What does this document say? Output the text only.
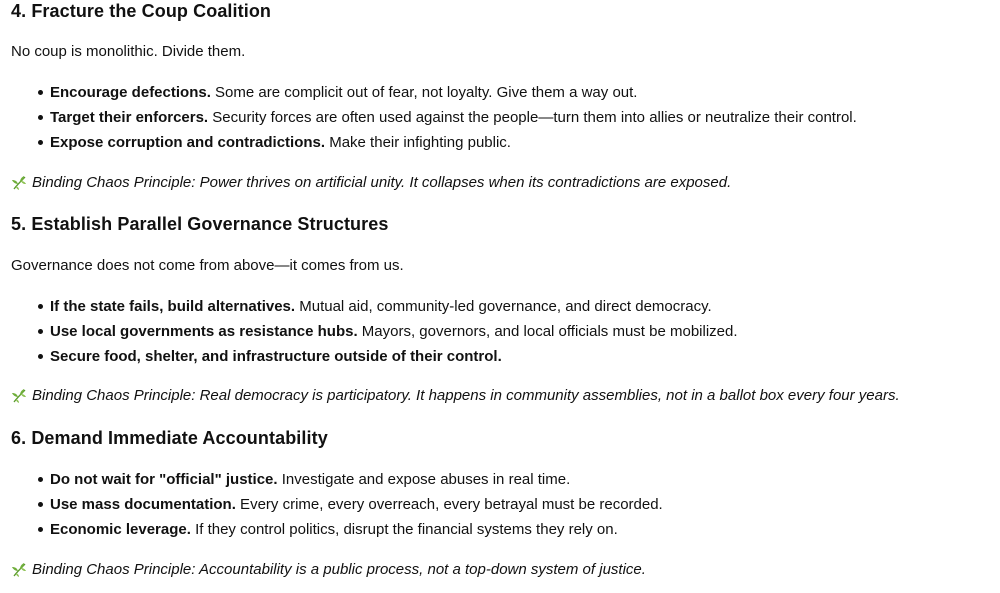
4. Fracture the Coup Coalition

No coup is monolithic. Divide them.

Encourage defections. Some are complicit out of fear, not loyalty. Give them a way out.
Target their enforcers. Security forces are often used against the people—turn them into allies or neutralize their control.
Expose corruption and contradictions. Make their infighting public.

Binding Chaos Principle: Power thrives on artificial unity. It collapses when its contradictions are exposed.

5. Establish Parallel Governance Structures

Governance does not come from above—it comes from us.

If the state fails, build alternatives. Mutual aid, community-led governance, and direct democracy.
Use local governments as resistance hubs. Mayors, governors, and local officials must be mobilized.
Secure food, shelter, and infrastructure outside of their control.

Binding Chaos Principle: Real democracy is participatory. It happens in community assemblies, not in a ballot box every four years.

6. Demand Immediate Accountability
Do not wait for "official" justice. Investigate and expose abuses in real time.
Use mass documentation. Every crime, every overreach, every betrayal must be recorded.
Economic leverage. If they control politics, disrupt the financial systems they rely on.

Binding Chaos Principle: Accountability is a public process, not a top-down system of justice.
